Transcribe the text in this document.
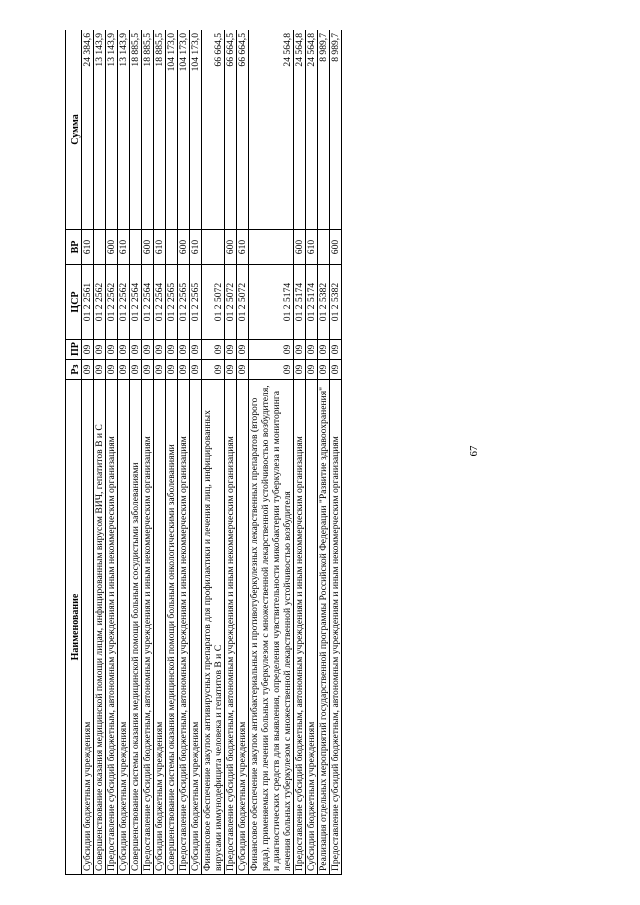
67
Наименование	Рз	ПР	ЦСР	ВР	Сумма
Субсидии бюджетным учреждениям	09	09	01 2 2561	610	24 384,6
Совершенствование оказания медицинской помощи лицам, инфицированным вирусом ВИЧ, гепатитов B и C	09	09	01 2 2562		13 143,9
Предоставление субсидий бюджетным, автономным учреждениям и иным некоммерческим организациям	09	09	01 2 2562	600	13 143,9
Субсидии бюджетным учреждениям	09	09	01 2 2562	610	13 143,9
Совершенствование системы оказания медицинской помощи больным сосудистыми заболеваниями	09	09	01 2 2564		18 885,5
Предоставление субсидий бюджетным, автономным учреждениям и иным некоммерческим организациям	09	09	01 2 2564	600	18 885,5
Субсидии бюджетным учреждениям	09	09	01 2 2564	610	18 885,5
Совершенствование системы оказания медицинской помощи больным онкологическими заболеваниями	09	09	01 2 2565		104 173,0
Предоставление субсидий бюджетным, автономным учреждениям и иным некоммерческим организациям	09	09	01 2 2565	600	104 173,0
Субсидии бюджетным учреждениям	09	09	01 2 2565	610	104 173,0
Финансовое обеспечение закупок антивирусных препаратов для профилактики и лечения лиц, инфицированных вирусами иммунодефицита человека и гепатитов B и C	09	09	01 2 5072		66 664,5
Предоставление субсидий бюджетным, автономным учреждениям и иным некоммерческим организациям	09	09	01 2 5072	600	66 664,5
Субсидии бюджетным учреждениям	09	09	01 2 5072	610	66 664,5
Финансовое обеспечение закупок антибактериальных и противотуберкулезных лекарственных препаратов (второго ряда), применяемых при лечении больных туберкулезом с множественной лекарственной устойчивостью возбудителя, и диагностических средств для выявления, определения чувствительности микобактерии туберкулеза и мониторинга лечения больных туберкулезом с множественной лекарственной устойчивостью возбудителя	09	09	01 2 5174		24 564,8
Предоставление субсидий бюджетным, автономным учреждениям и иным некоммерческим организациям	09	09	01 2 5174	600	24 564,8
Субсидии бюджетным учреждениям	09	09	01 2 5174	610	24 564,8
Реализация отдельных мероприятий государственной программы Российской Федерации "Развитие здравоохранения"	09	09	01 2 5382		8 989,7
Предоставление субсидий бюджетным, автономным учреждениям и иным некоммерческим организациям	09	09	01 2 5382	600	8 989,7
